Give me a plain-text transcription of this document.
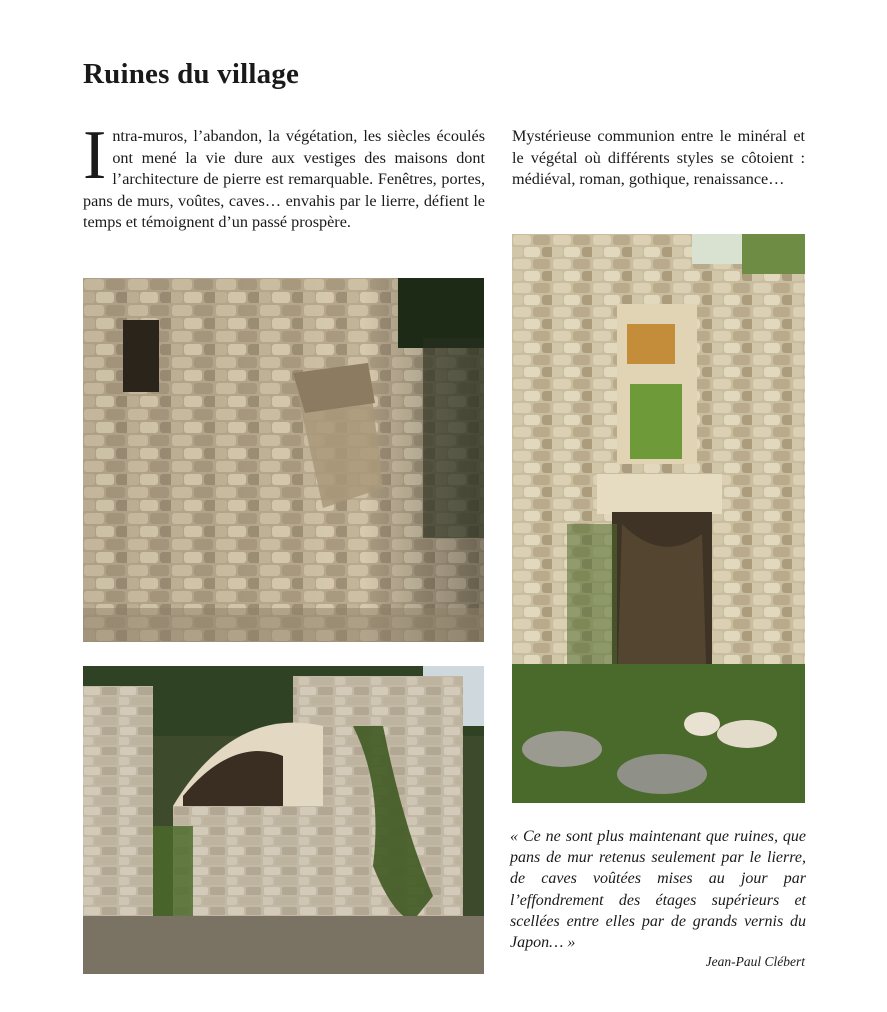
Ruines du village

Intra-muros, l’abandon, la végétation, les siècles écoulés ont mené la vie dure aux vestiges des maisons dont l’architecture de pierre est remarquable. Fenêtres, portes, pans de murs, voûtes, caves… envahis par le lierre, défient le temps et témoignent d’un passé prospère.

Mystérieuse communion entre le minéral et le végétal où différents styles se côtoient : médiéval, roman, gothique, renaissance…

« Ce ne sont plus maintenant que ruines, que pans de mur retenus seulement par le lierre, de caves voûtées mises au jour par l’effondrement des étages supérieurs et scellées entre elles par de grands vernis du Japon… »

Jean-Paul Clébert
